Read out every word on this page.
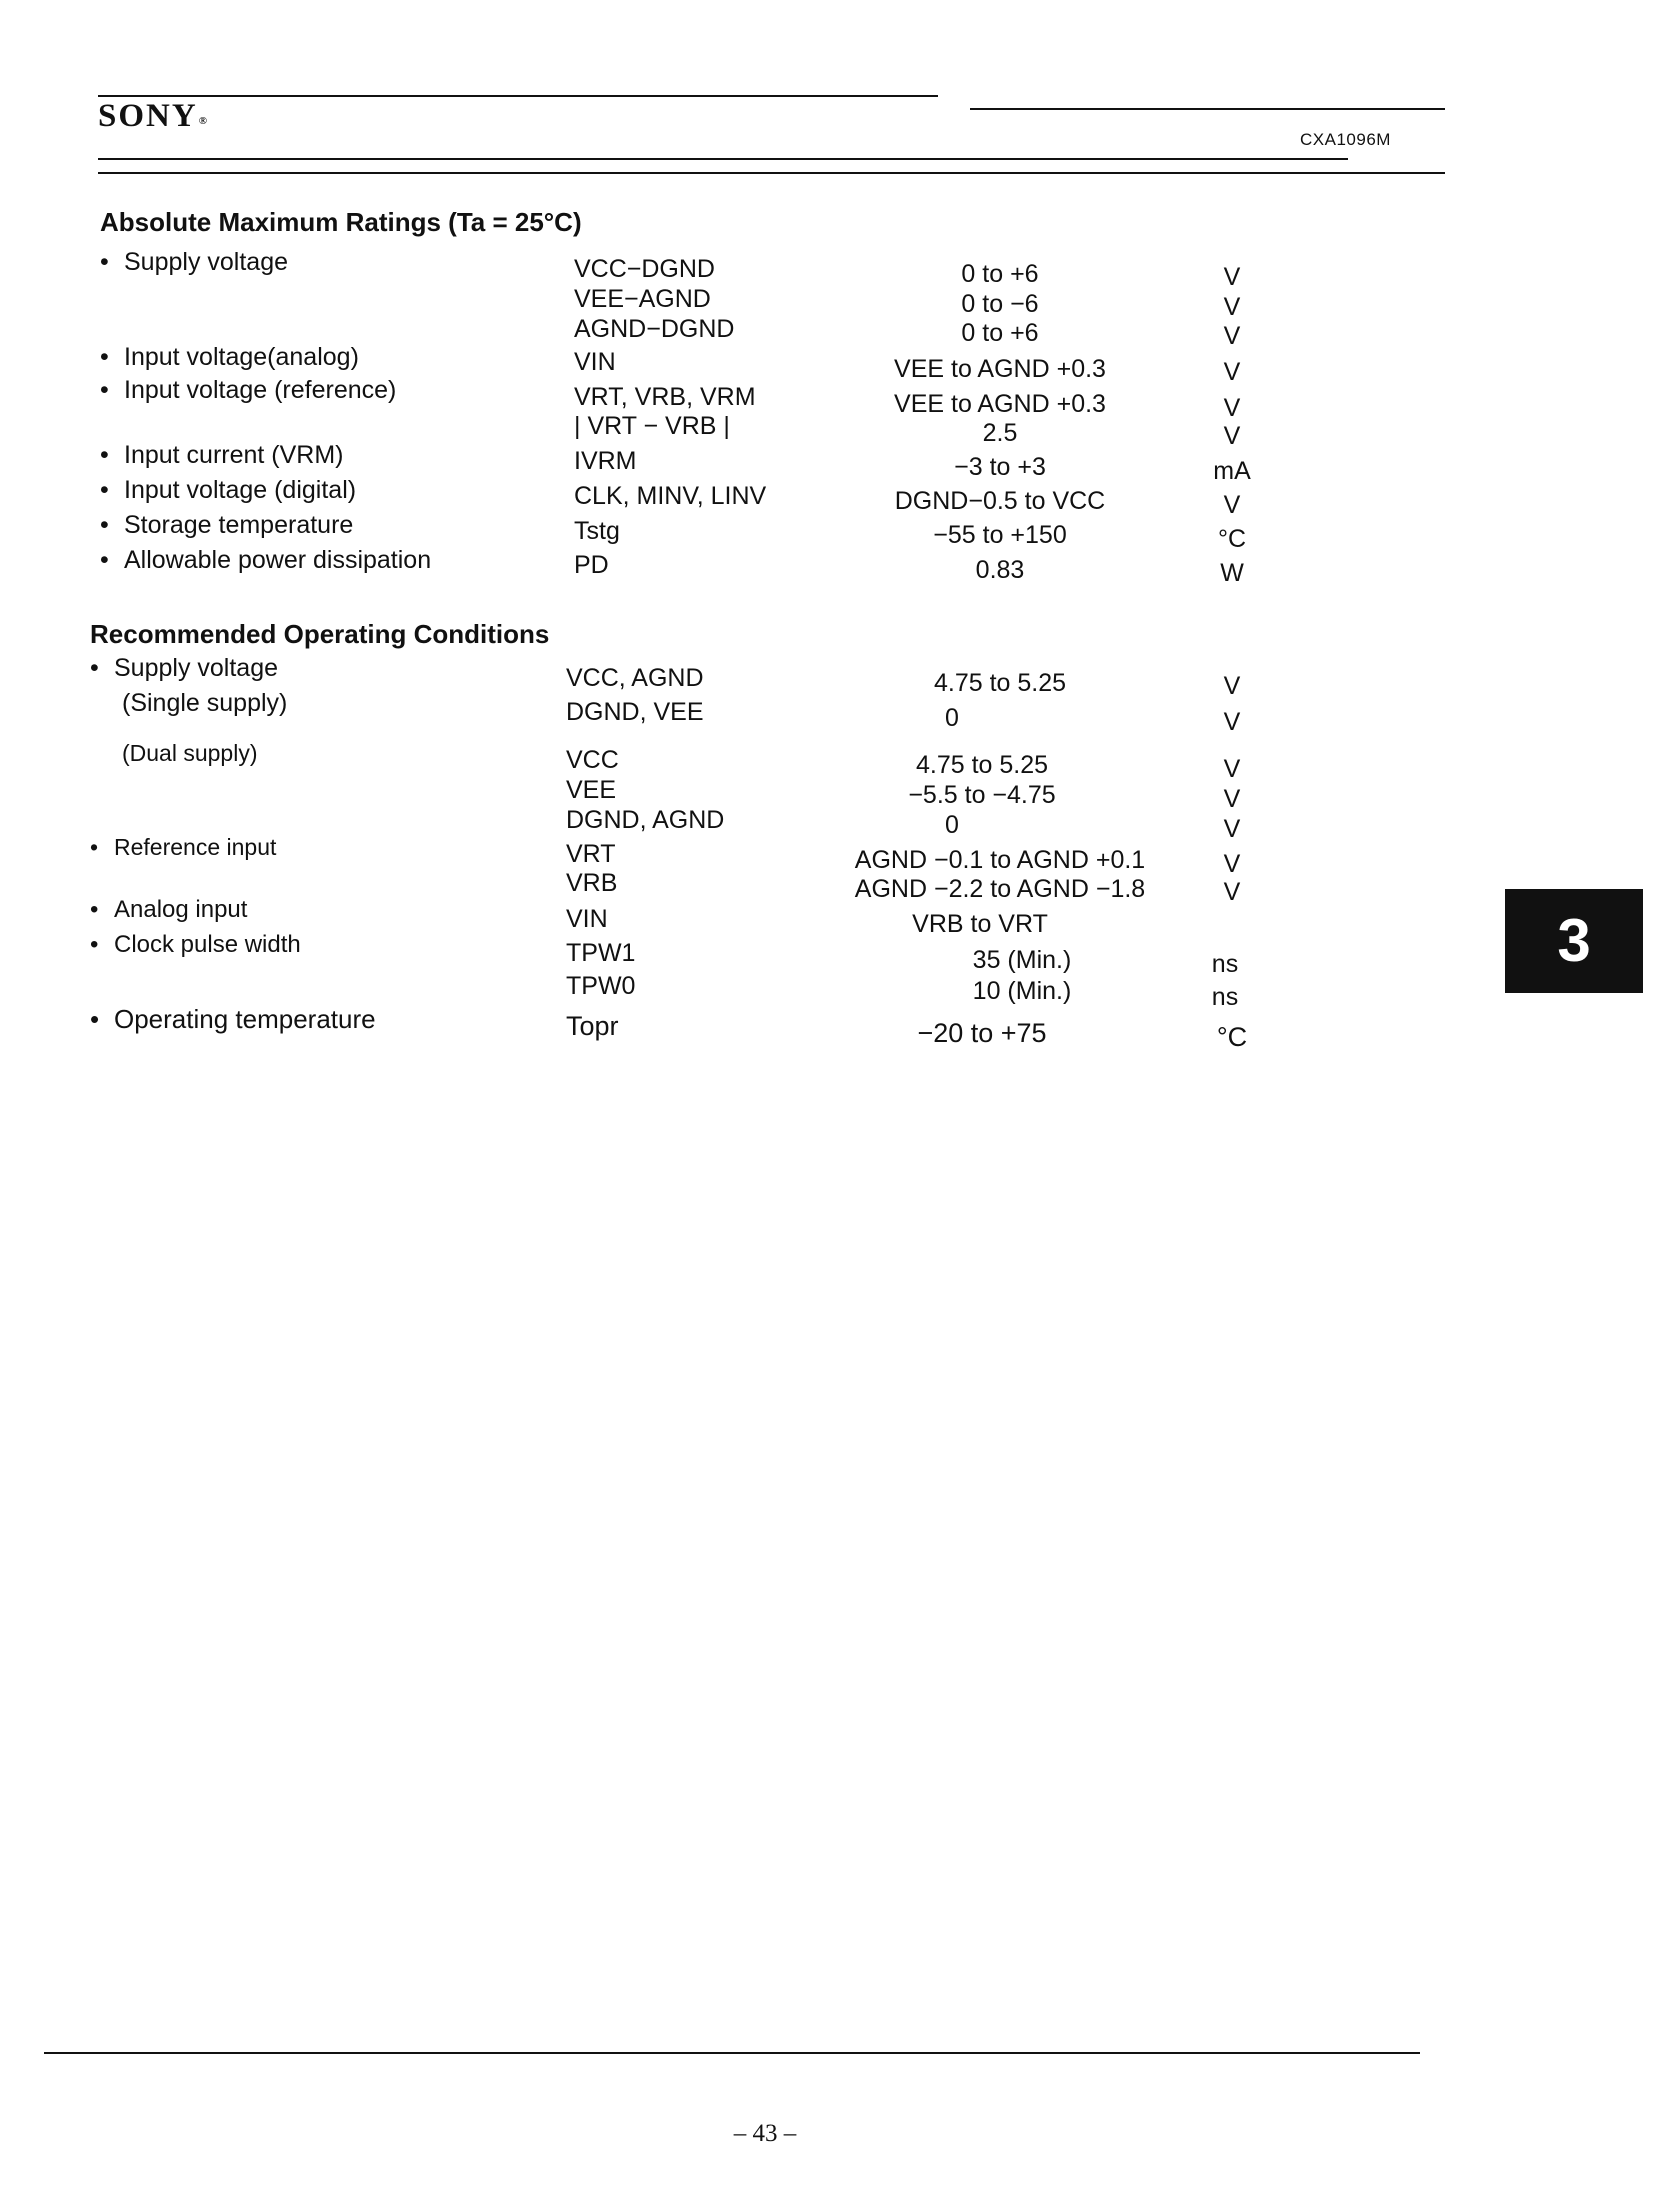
SONY®
CXA1096M
Absolute Maximum Ratings (Ta = 25°C)
• Supply voltage	VCC−DGND	0 to +6	V
VEE−AGND	0 to −6	V
AGND−DGND	0 to +6	V
• Input voltage(analog)	VIN	VEE to AGND +0.3	V
• Input voltage (reference)	VRT, VRB, VRM	VEE to AGND +0.3	V
| VRT − VRB |	2.5	V
• Input current (VRM)	IVRM	−3 to +3	mA
• Input voltage (digital)	CLK, MINV, LINV	DGND−0.5 to VCC	V
• Storage temperature	Tstg	−55 to +150	°C
• Allowable power dissipation	PD	0.83	W
Recommended Operating Conditions
• Supply voltage	VCC, AGND	4.75 to 5.25	V
(Single supply)	DGND, VEE	0	V
(Dual supply)	VCC	4.75 to 5.25	V
VEE	−5.5 to −4.75	V
DGND, AGND	0	V
• Reference input	VRT	AGND −0.1 to AGND +0.1	V
VRB	AGND −2.2 to AGND −1.8	V
• Analog input	VIN	VRB to VRT
• Clock pulse width	TPW1	35 (Min.)	ns
TPW0	10 (Min.)	ns
• Operating temperature	Topr	−20 to +75	°C
3
– 43 –
